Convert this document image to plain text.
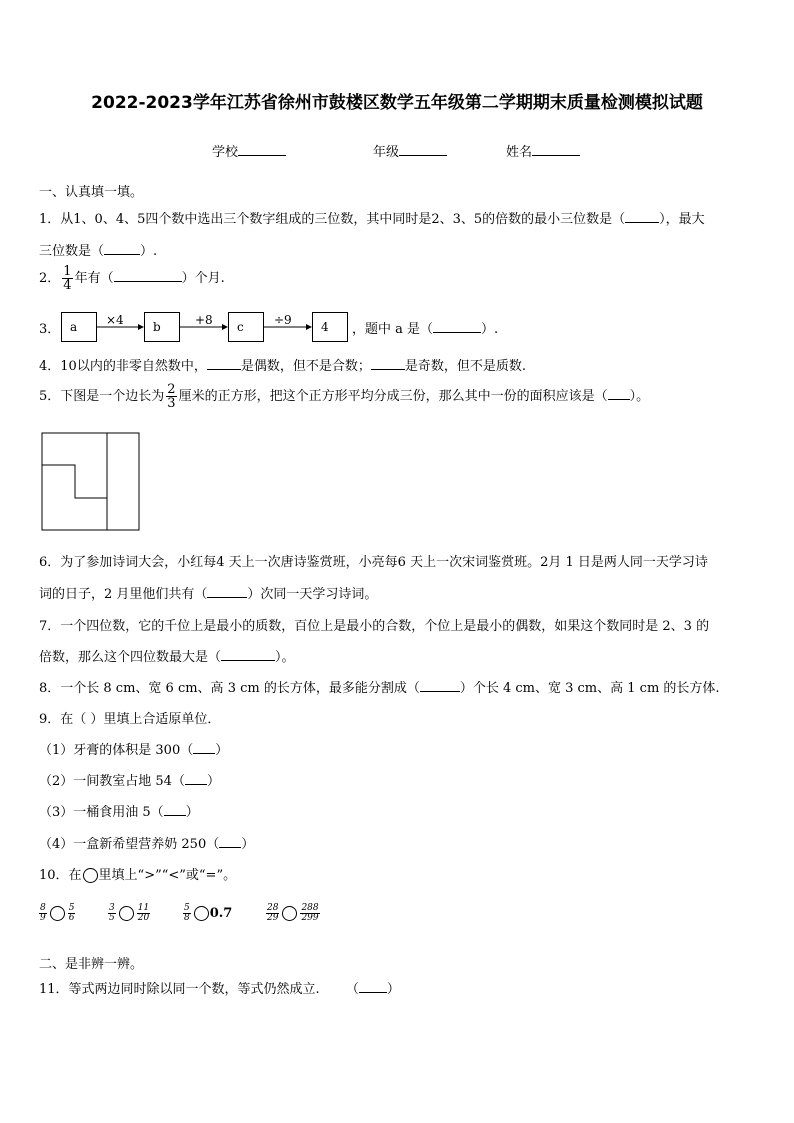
2022-2023学年江苏省徐州市鼓楼区数学五年级第二学期期末质量检测模拟试题
学校	年级	姓名
一、认真填一填。
1．从1、0、4、5四个数中选出三个数字组成的三位数，其中同时是2、3、5的倍数的最小三位数是（	），最大
三位数是（	）.
2． $\frac{1}{4}$ 年有（	）个月.
3． a	b	c	4
×4	+8	÷9
，题中 a 是（	）.
4．10以内的非零自然数中，	是偶数，但不是合数；	是奇数，但不是质数.
5．下图是一个边长为 $\frac{2}{3}$ 厘米的正方形，把这个正方形平均分成三份，那么其中一份的面积应该是（ ）。
6．为了参加诗词大会，小红每4 天上一次唐诗鉴赏班，小亮每6 天上一次宋词鉴赏班。2月 1 日是两人同一天学习诗
词的日子，2 月里他们共有（	）次同一天学习诗词。
7．一个四位数，它的千位上是最小的质数，百位上是最小的合数，个位上是最小的偶数，如果这个数同时是 2、3 的
倍数，那么这个四位数最大是（	）。
8．一个长 8 cm、宽 6 cm、高 3 cm 的长方体，最多能分割成（	）个长 4 cm、宽 3 cm、高 1 cm 的长方体.
9．在（ ）里填上合适原单位．
（1）牙膏的体积是 300（ ）
（2）一间教室占地 54（ ）
（3）一桶食用油 5（ ）
（4）一盒新希望营养奶 250（ ）
10．在 里填上“>”“<”或“=”。
$\frac{8}{9} \frac{5}{6}$	$\frac{3}{5} \frac{11}{20}$	$\frac{5}{8} 0.7$	$\frac{28}{29} \frac{288}{299}$
二、是非辨一辨。
11．等式两边同时除以同一个数，等式仍然成立. （ ）
